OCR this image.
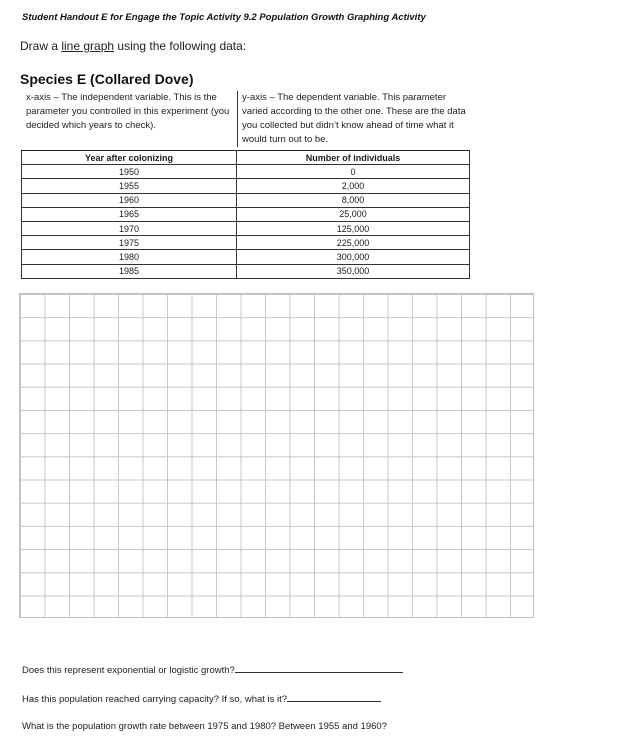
Student Handout E for Engage the Topic Activity 9.2 Population Growth Graphing Activity
Draw a line graph using the following data:
Species E (Collared Dove)
x-axis – The independent variable. This is the parameter you controlled in this experiment (you decided which years to check).
y-axis – The dependent variable. This parameter varied according to the other one. These are the data you collected but didn’t know ahead of time what it would turn out to be.
Year after colonizing	Number of individuals
1950	0
1955	2,000
1960	8,000
1965	25,000
1970	125,000
1975	225,000
1980	300,000
1985	350,000
Does this represent exponential or logistic growth?
Has this population reached carrying capacity? If so, what is it?
What is the population growth rate between 1975 and 1980? Between 1955 and 1960?
